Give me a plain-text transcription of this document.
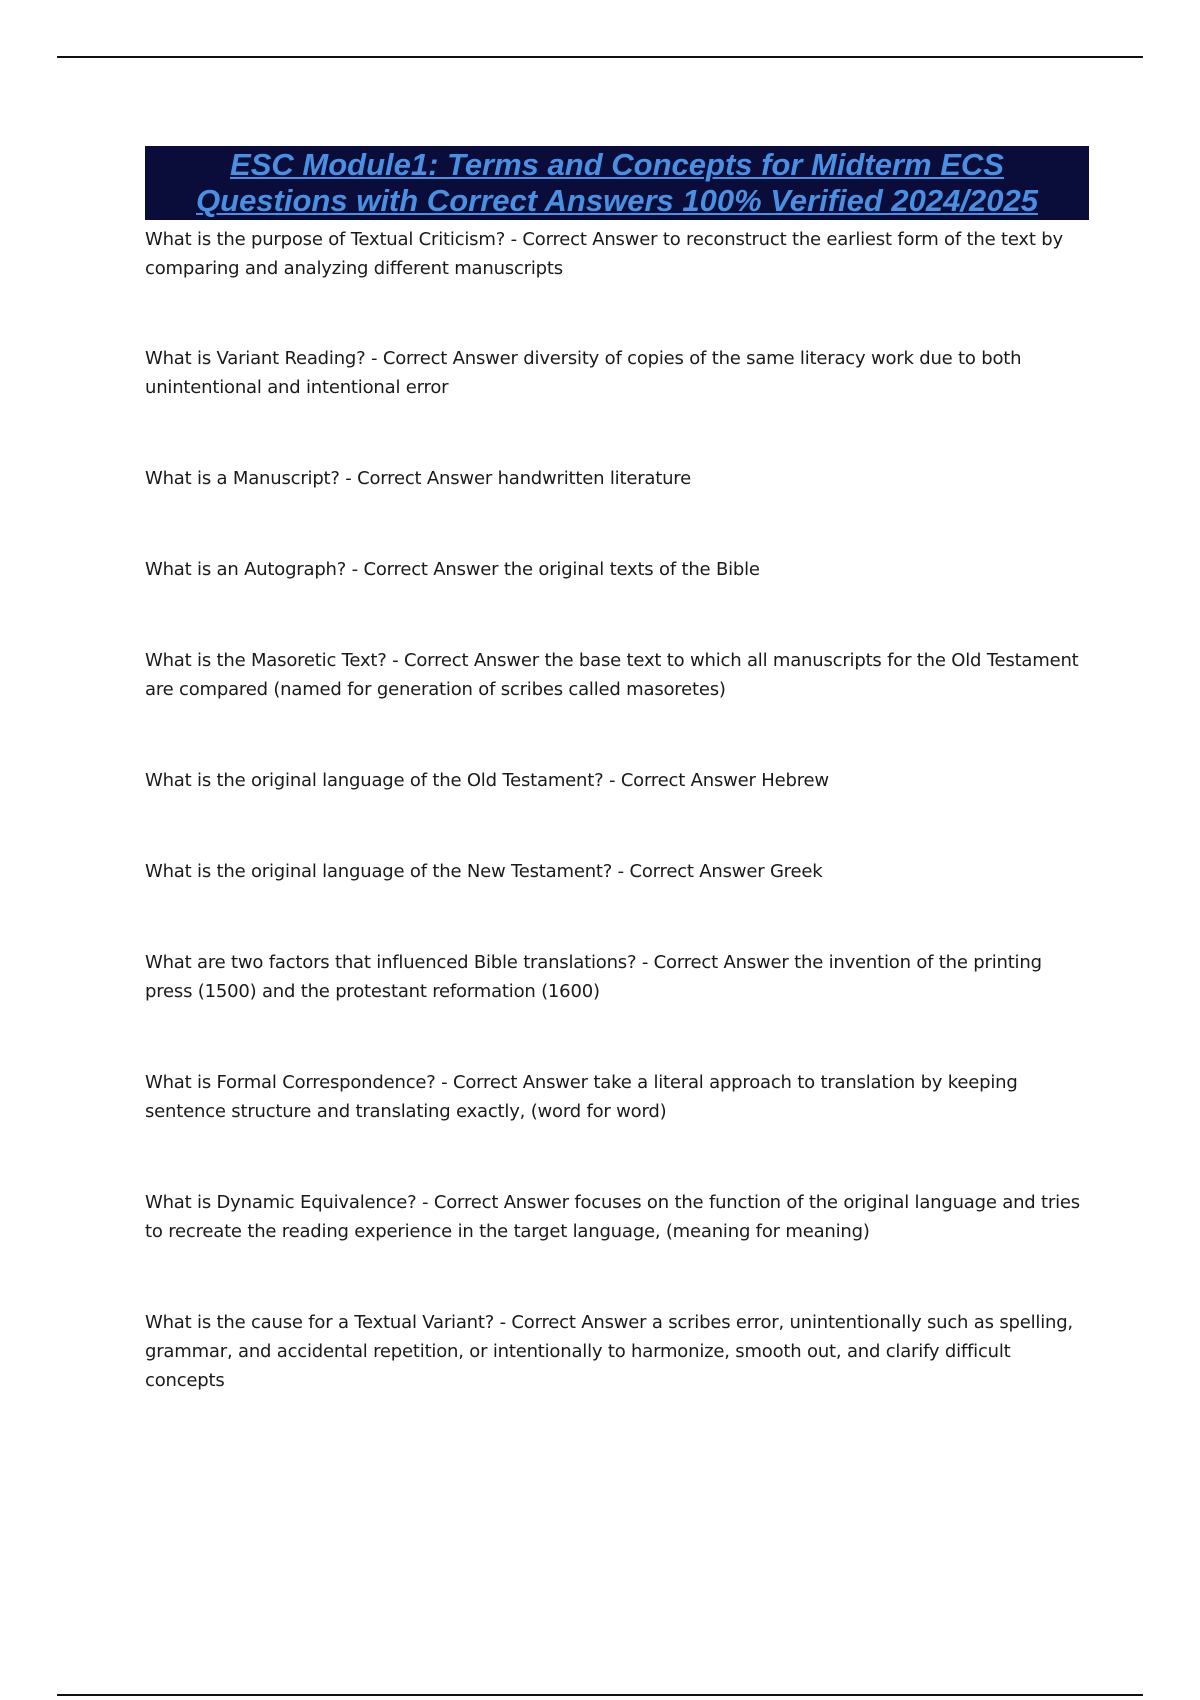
ESC Module1: Terms and Concepts for Midterm ECS
Questions with Correct Answers 100% Verified 2024/2025
What is the purpose of Textual Criticism? - Correct Answer to reconstruct the earliest form of the text by comparing and analyzing different manuscripts
What is Variant Reading? - Correct Answer diversity of copies of the same literacy work due to both unintentional and intentional error
What is a Manuscript? - Correct Answer handwritten literature
What is an Autograph? - Correct Answer the original texts of the Bible
What is the Masoretic Text? - Correct Answer the base text to which all manuscripts for the Old Testament are compared (named for generation of scribes called masoretes)
What is the original language of the Old Testament? - Correct Answer Hebrew
What is the original language of the New Testament? - Correct Answer Greek
What are two factors that influenced Bible translations? - Correct Answer the invention of the printing press (1500) and the protestant reformation (1600)
What is Formal Correspondence? - Correct Answer take a literal approach to translation by keeping sentence structure and translating exactly, (word for word)
What is Dynamic Equivalence? - Correct Answer focuses on the function of the original language and tries to recreate the reading experience in the target language, (meaning for meaning)
What is the cause for a Textual Variant? - Correct Answer a scribes error, unintentionally such as spelling, grammar, and accidental repetition, or intentionally to harmonize, smooth out, and clarify difficult concepts
